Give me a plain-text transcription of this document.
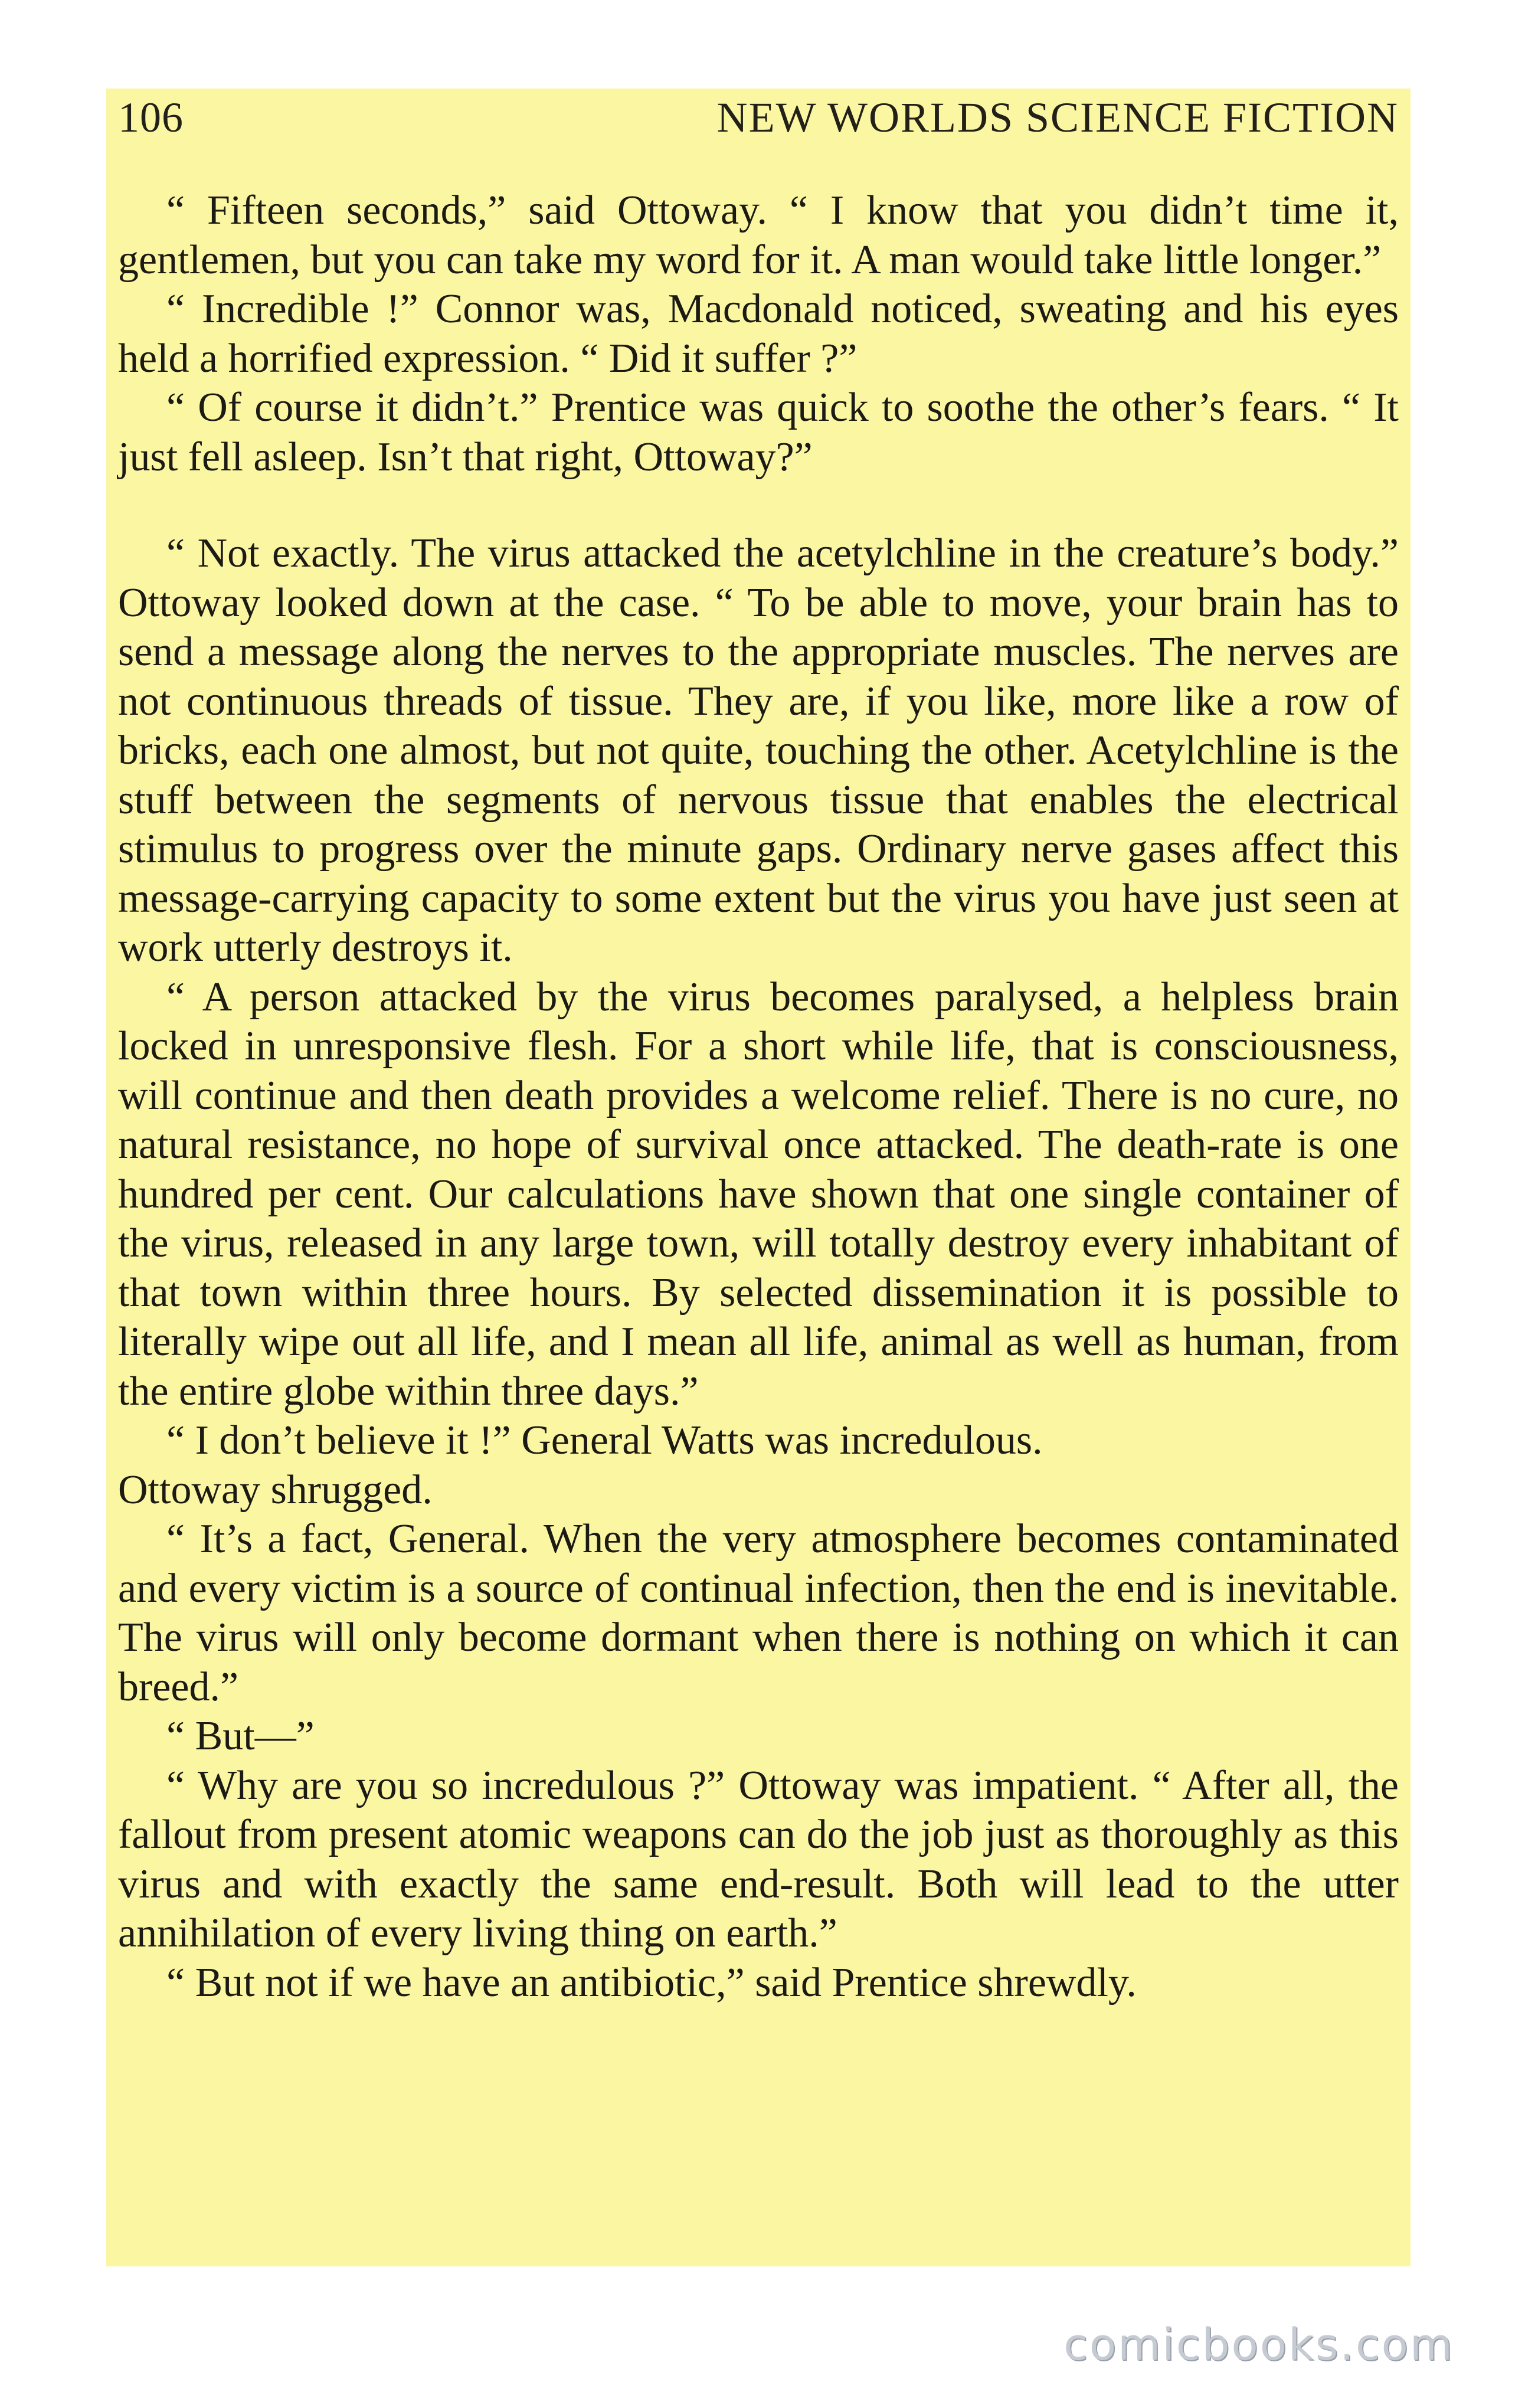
106	NEW WORLDS SCIENCE FICTION

“ Fifteen seconds,” said Ottoway. “ I know that you didn’t time it, gentlemen, but you can take my word for it. A man would take little longer.”

“ Incredible !” Connor was, Macdonald noticed, sweating and his eyes held a horrified expression. “ Did it suffer ?”

“ Of course it didn’t.” Prentice was quick to soothe the other’s fears. “ It just fell asleep. Isn’t that right, Ottoway?”

“ Not exactly. The virus attacked the acetylchline in the creature’s body.” Ottoway looked down at the case. “ To be able to move, your brain has to send a message along the nerves to the appropriate muscles. The nerves are not continuous threads of tissue. They are, if you like, more like a row of bricks, each one almost, but not quite, touching the other. Acetylchline is the stuff between the segments of nervous tissue that enables the electrical stimulus to progress over the minute gaps. Ordinary nerve gases affect this message-carrying capacity to some extent but the virus you have just seen at work utterly destroys it.

“ A person attacked by the virus becomes paralysed, a helpless brain locked in unresponsive flesh. For a short while life, that is consciousness, will continue and then death provides a welcome relief. There is no cure, no natural resistance, no hope of survival once attacked. The death-rate is one hundred per cent. Our calculations have shown that one single container of the virus, released in any large town, will totally destroy every inhabitant of that town within three hours. By selected dissemination it is possible to literally wipe out all life, and I mean all life, animal as well as human, from the entire globe within three days.”

“ I don’t believe it !” General Watts was incredulous.

Ottoway shrugged.

“ It’s a fact, General. When the very atmosphere becomes contaminated and every victim is a source of continual infection, then the end is inevitable. The virus will only become dormant when there is nothing on which it can breed.”

“ But—”

“ Why are you so incredulous ?” Ottoway was impatient. “ After all, the fallout from present atomic weapons can do the job just as thoroughly as this virus and with exactly the same end-result. Both will lead to the utter annihilation of every living thing on earth.”

“ But not if we have an antibiotic,” said Prentice shrewdly.

comicbooks.com
